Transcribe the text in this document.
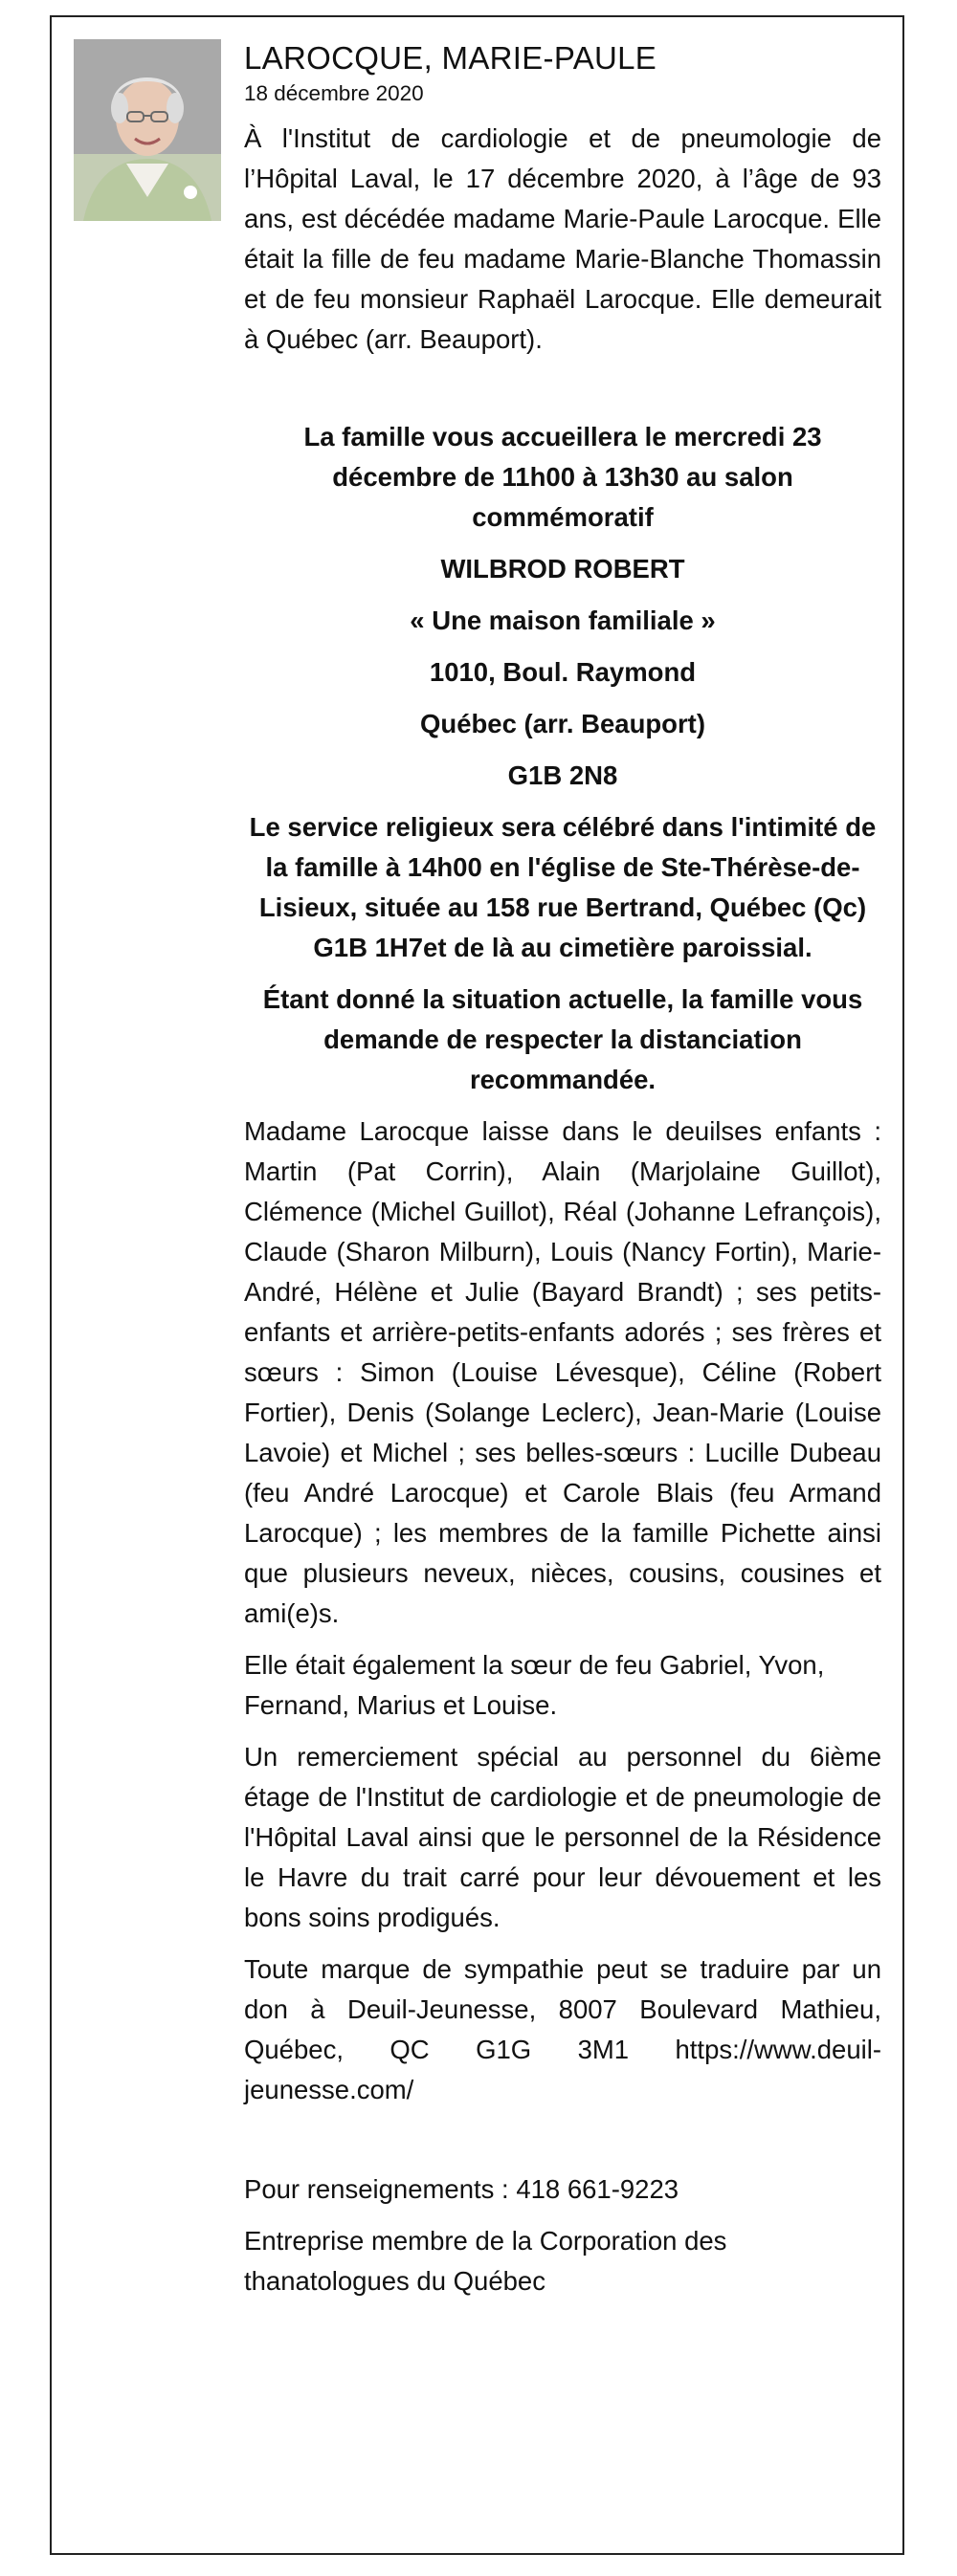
LAROCQUE, MARIE-PAULE
18 décembre 2020

À l'Institut de cardiologie et de pneumologie de l’Hôpital Laval, le 17 décembre 2020, à l’âge de 93 ans, est décédée madame Marie-Paule Larocque. Elle était la fille de feu madame Marie-Blanche Thomassin et de feu monsieur Raphaël Larocque. Elle demeurait à Québec (arr. Beauport).

La famille vous accueillera le mercredi 23 décembre de 11h00 à 13h30 au salon commémoratif
WILBROD ROBERT
« Une maison familiale »
1010, Boul. Raymond
Québec (arr. Beauport)
G1B 2N8
Le service religieux sera célébré dans l'intimité de la famille à 14h00 en l'église de Ste-Thérèse-de-Lisieux, située au 158 rue Bertrand, Québec (Qc) G1B 1H7et de là au cimetière paroissial.
Étant donné la situation actuelle, la famille vous demande de respecter la distanciation recommandée.

Madame Larocque laisse dans le deuilses enfants : Martin (Pat Corrin), Alain (Marjolaine Guillot), Clémence (Michel Guillot), Réal (Johanne Lefrançois), Claude (Sharon Milburn), Louis (Nancy Fortin), Marie-André, Hélène et Julie (Bayard Brandt) ; ses petits-enfants et arrière-petits-enfants adorés ; ses frères et sœurs : Simon (Louise Lévesque), Céline (Robert Fortier), Denis (Solange Leclerc), Jean-Marie (Louise Lavoie) et Michel ; ses belles-sœurs : Lucille Dubeau (feu André Larocque) et Carole Blais (feu Armand Larocque) ; les membres de la famille Pichette ainsi que plusieurs neveux, nièces, cousins, cousines et ami(e)s.

Elle était également la sœur de feu Gabriel, Yvon, Fernand, Marius et Louise.

Un remerciement spécial au personnel du 6ième étage de l'Institut de cardiologie et de pneumologie de l'Hôpital Laval ainsi que le personnel de la Résidence le Havre du trait carré pour leur dévouement et les bons soins prodigués.

Toute marque de sympathie peut se traduire par un don à Deuil-Jeunesse, 8007 Boulevard Mathieu, Québec, QC G1G 3M1 https://www.deuil-jeunesse.com/

Pour renseignements : 418 661-9223

Entreprise membre de la Corporation des thanatologues du Québec
